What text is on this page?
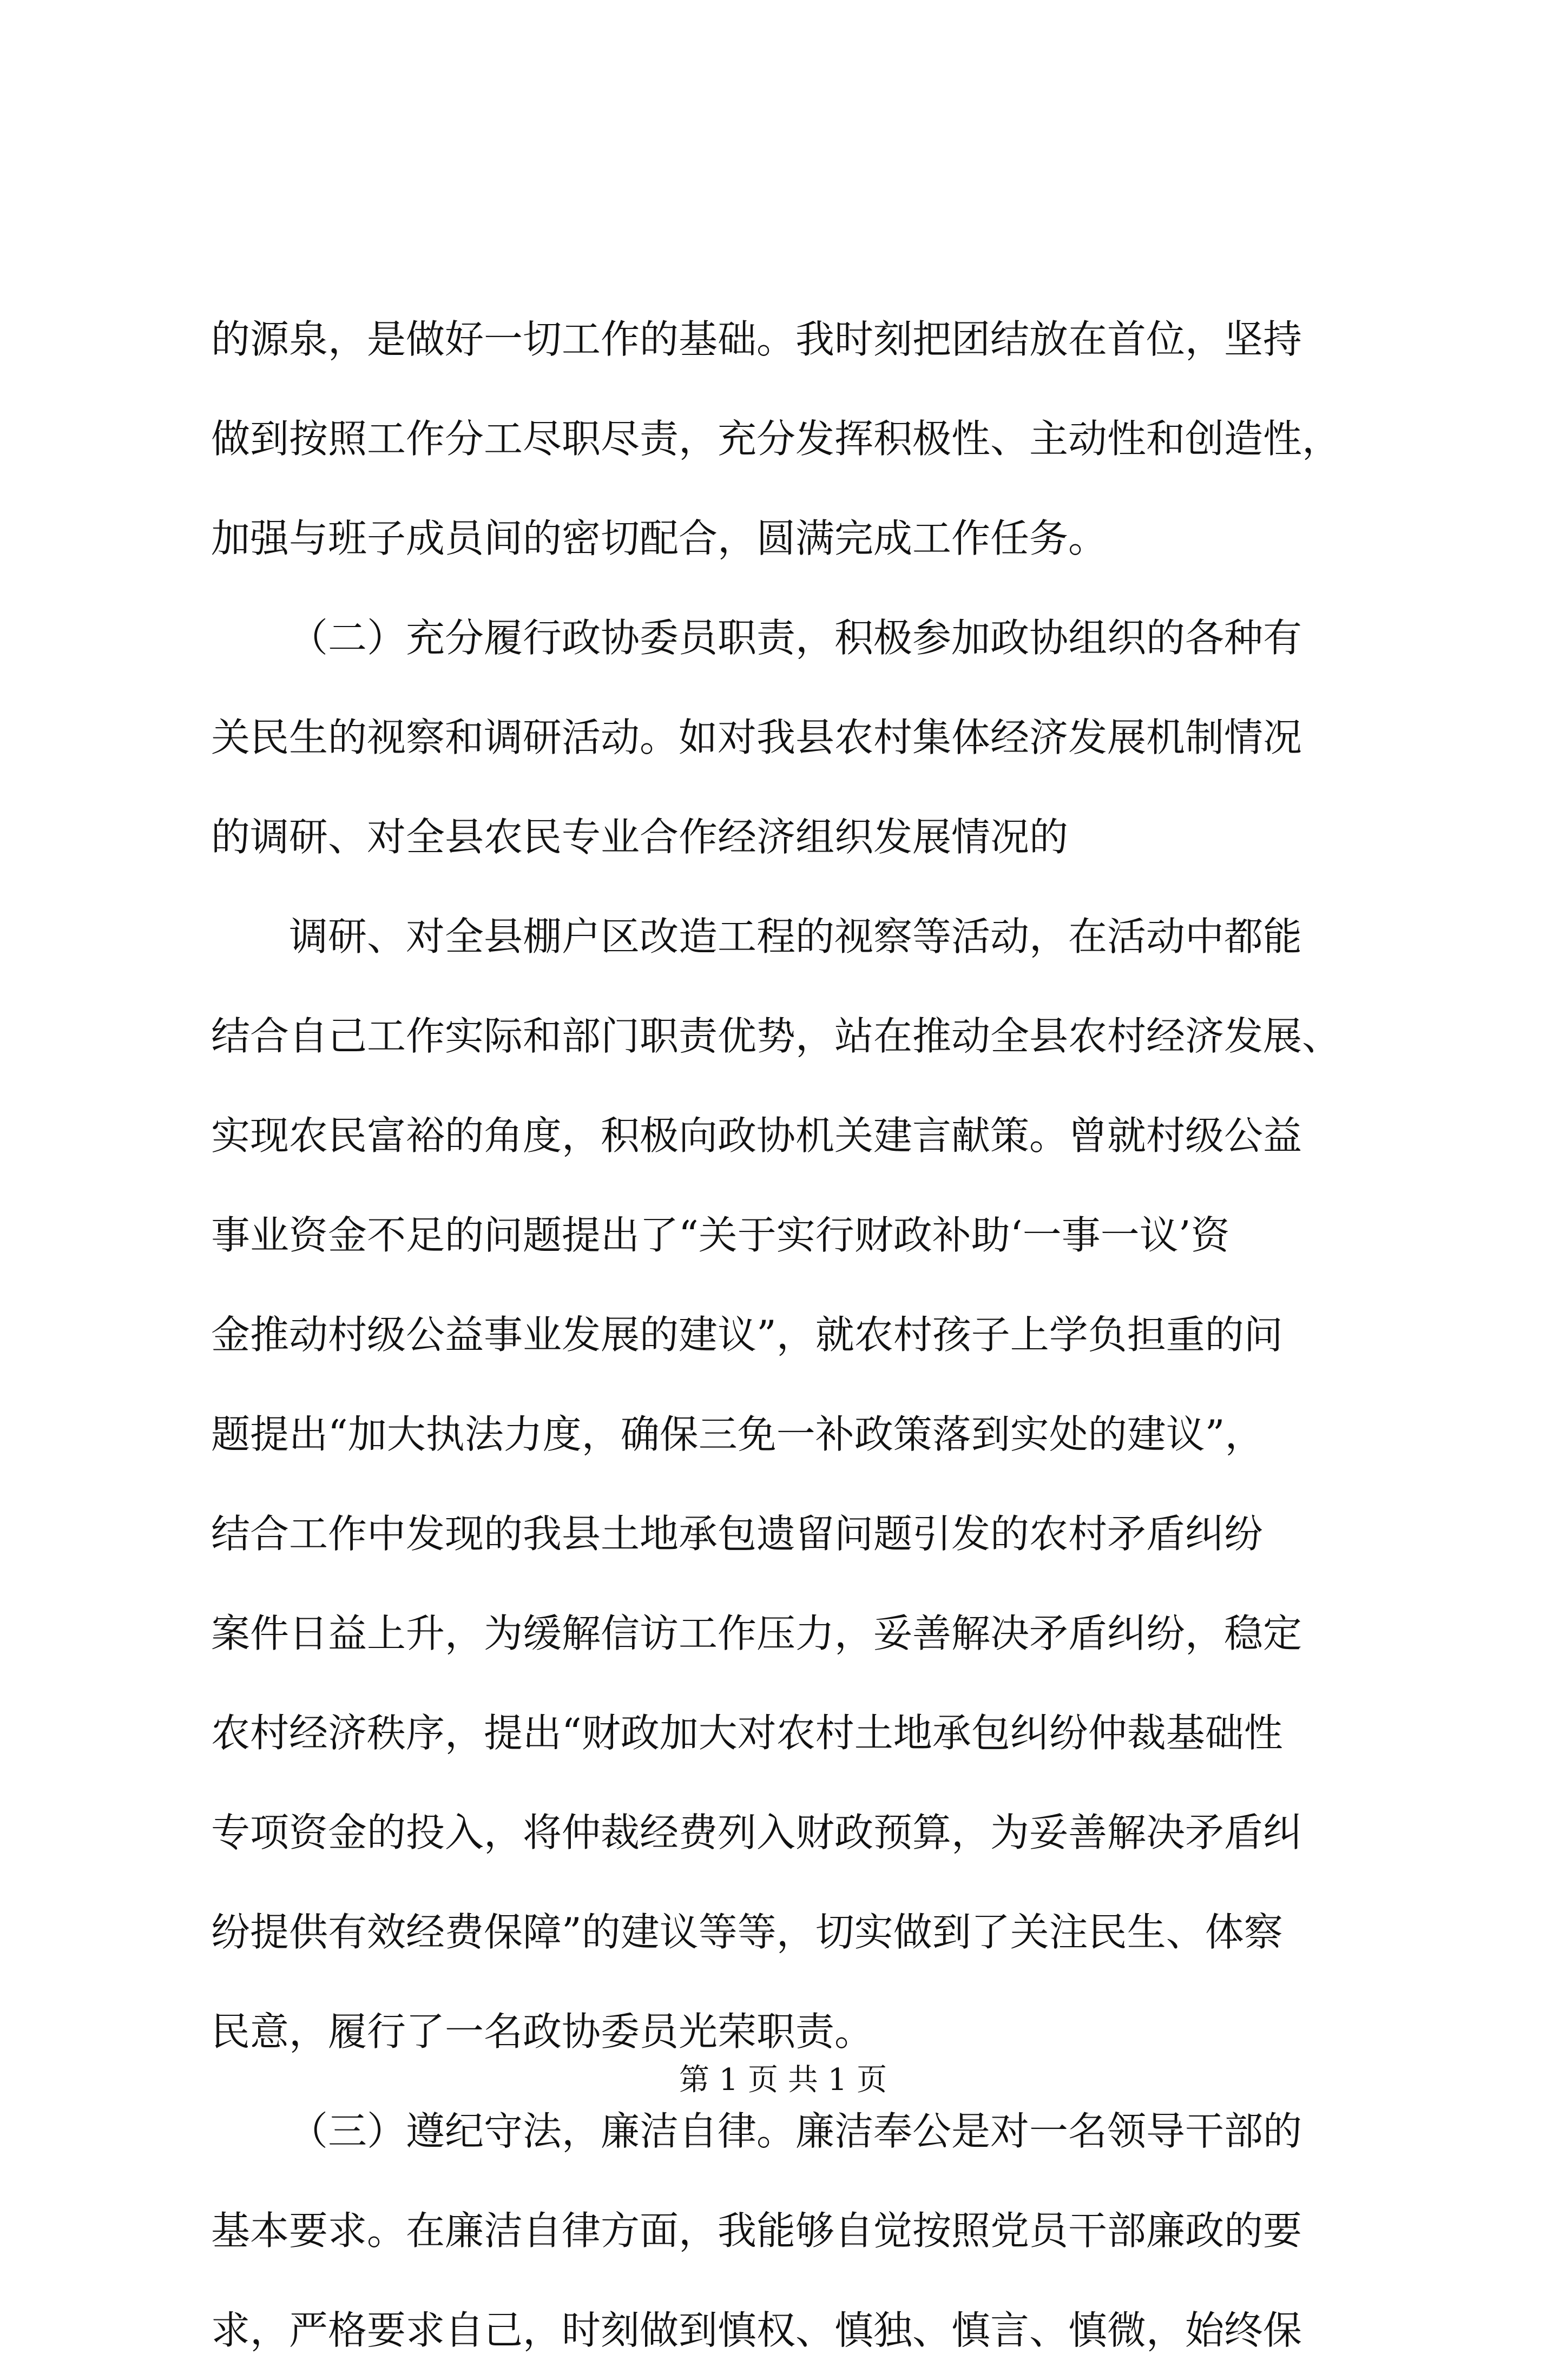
的源泉，是做好一切工作的基础。我时刻把团结放在首位，坚持
做到按照工作分工尽职尽责，充分发挥积极性、主动性和创造性，
加强与班子成员间的密切配合，圆满完成工作任务。
（二）充分履行政协委员职责，积极参加政协组织的各种有
关民生的视察和调研活动。如对我县农村集体经济发展机制情况
的调研、对全县农民专业合作经济组织发展情况的
调研、对全县棚户区改造工程的视察等活动，在活动中都能
结合自己工作实际和部门职责优势，站在推动全县农村经济发展、
实现农民富裕的角度，积极向政协机关建言献策。曾就村级公益
事业资金不足的问题提出了“关于实行财政补助‘一事一议’资
金推动村级公益事业发展的建议”，就农村孩子上学负担重的问
题提出“加大执法力度，确保三免一补政策落到实处的建议”，
结合工作中发现的我县土地承包遗留问题引发的农村矛盾纠纷
案件日益上升，为缓解信访工作压力，妥善解决矛盾纠纷，稳定
农村经济秩序，提出“财政加大对农村土地承包纠纷仲裁基础性
专项资金的投入，将仲裁经费列入财政预算，为妥善解决矛盾纠
纷提供有效经费保障”的建议等等，切实做到了关注民生、体察
民意，履行了一名政协委员光荣职责。
（三）遵纪守法，廉洁自律。廉洁奉公是对一名领导干部的
基本要求。在廉洁自律方面，我能够自觉按照党员干部廉政的要
求，严格要求自己，时刻做到慎权、慎独、慎言、慎微，始终保
第 1 页 共 1 页
